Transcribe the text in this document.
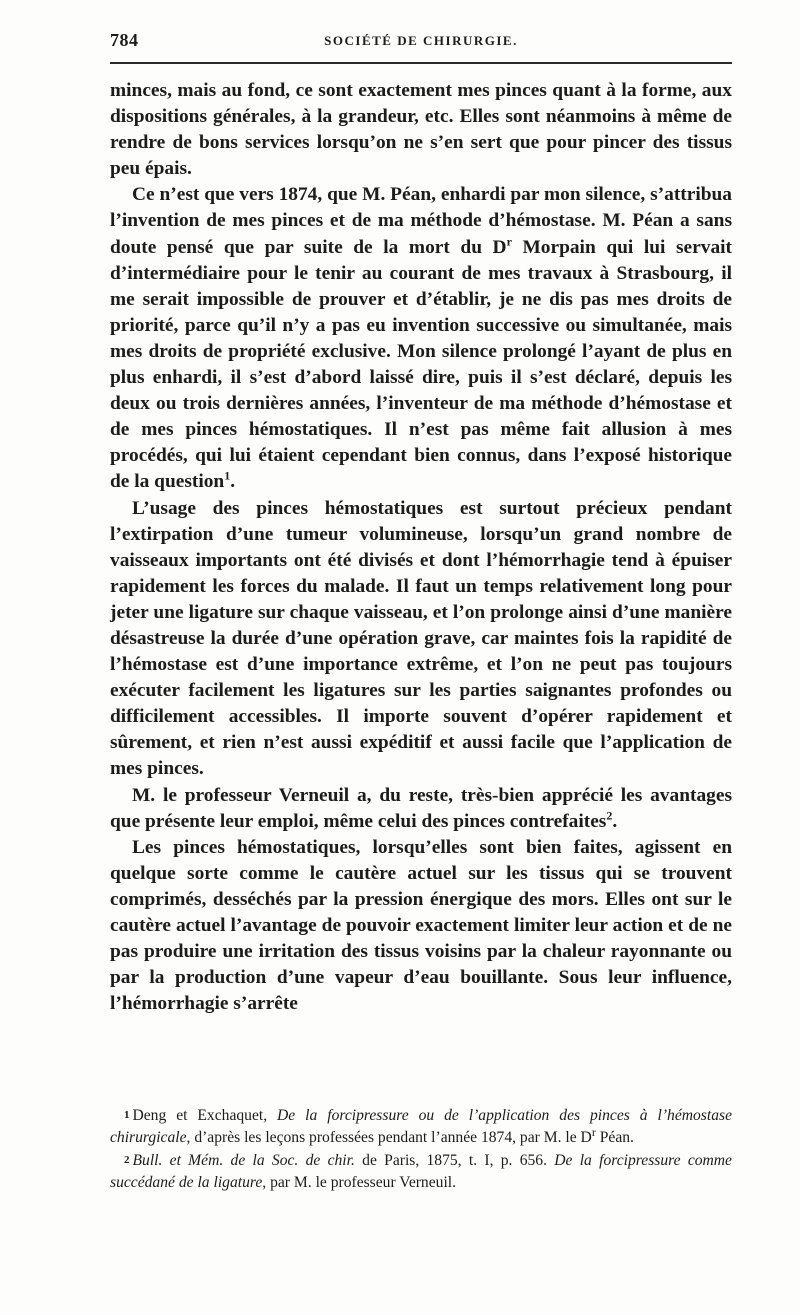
784	SOCIÉTÉ DE CHIRURGIE.

minces, mais au fond, ce sont exactement mes pinces quant à la forme, aux dispositions générales, à la grandeur, etc. Elles sont néanmoins à même de rendre de bons services lorsqu’on ne s’en sert que pour pincer des tissus peu épais.

Ce n’est que vers 1874, que M. Péan, enhardi par mon silence, s’attribua l’invention de mes pinces et de ma méthode d’hémostase. M. Péan a sans doute pensé que par suite de la mort du $D^r$ Morpain qui lui servait d’intermédiaire pour le tenir au courant de mes travaux à Strasbourg, il me serait impossible de prouver et d’établir, je ne dis pas mes droits de priorité, parce qu’il n’y a pas eu invention successive ou simultanée, mais mes droits de propriété exclusive. Mon silence prolongé l’ayant de plus en plus enhardi, il s’est d’abord laissé dire, puis il s’est déclaré, depuis les deux ou trois dernières années, l’inventeur de ma méthode d’hémostase et de mes pinces hémostatiques. Il n’est pas même fait allusion à mes procédés, qui lui étaient cependant bien connus, dans l’exposé historique de la question$^1$.

L’usage des pinces hémostatiques est surtout précieux pendant l’extirpation d’une tumeur volumineuse, lorsqu’un grand nombre de vaisseaux importants ont été divisés et dont l’hémorrhagie tend à épuiser rapidement les forces du malade. Il faut un temps relativement long pour jeter une ligature sur chaque vaisseau, et l’on prolonge ainsi d’une manière désastreuse la durée d’une opération grave, car maintes fois la rapidité de l’hémostase est d’une importance extrême, et l’on ne peut pas toujours exécuter facilement les ligatures sur les parties saignantes profondes ou difficilement accessibles. Il importe souvent d’opérer rapidement et sûrement, et rien n’est aussi expéditif et aussi facile que l’application de mes pinces.

M. le professeur Verneuil a, du reste, très-bien apprécié les avantages que présente leur emploi, même celui des pinces contrefaites$^2$.

Les pinces hémostatiques, lorsqu’elles sont bien faites, agissent en quelque sorte comme le cautère actuel sur les tissus qui se trouvent comprimés, desséchés par la pression énergique des mors. Elles ont sur le cautère actuel l’avantage de pouvoir exactement limiter leur action et de ne pas produire une irritation des tissus voisins par la chaleur rayonnante ou par la production d’une vapeur d’eau bouillante. Sous leur influence, l’hémorrhagie s’arrête

1 Deng et Exchaquet, De la forcipressure ou de l’application des pinces à l’hémostase chirurgicale, d’après les leçons professées pendant l’année 1874, par M. le $D^r$ Péan.

2 Bull. et Mém. de la Soc. de chir. de Paris, 1875, t. I, p. 656. De la forcipressure comme succédané de la ligature, par M. le professeur Verneuil.
